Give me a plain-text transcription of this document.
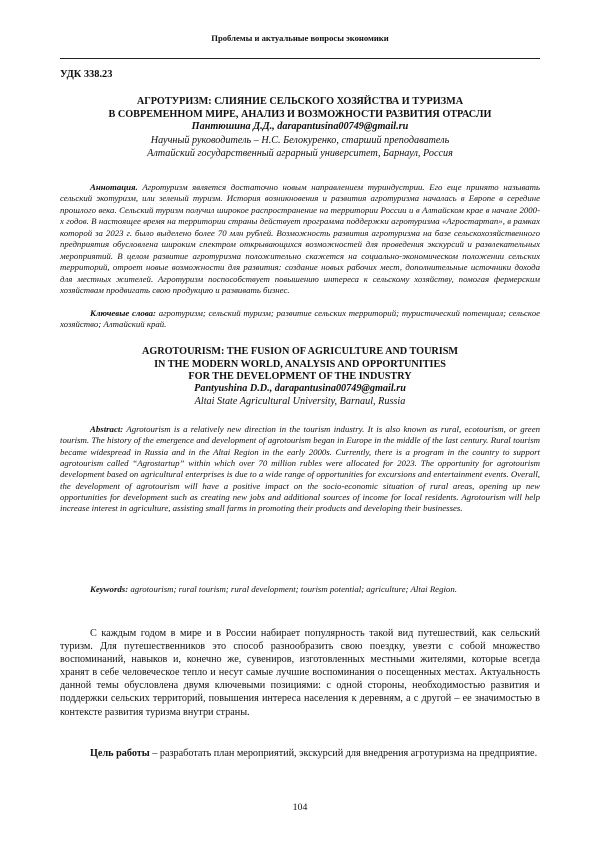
Проблемы и актуальные вопросы экономики
УДК 338.23
АГРОТУРИЗМ: СЛИЯНИЕ СЕЛЬСКОГО ХОЗЯЙСТВА И ТУРИЗМА
В СОВРЕМЕННОМ МИРЕ, АНАЛИЗ И ВОЗМОЖНОСТИ РАЗВИТИЯ ОТРАСЛИ
Пантюшина Д.Д., darapantusina00749@gmail.ru
Научный руководитель – Н.С. Белокуренко, старший преподаватель
Алтайский государственный аграрный университет, Барнаул, Россия
Аннотация. Агротуризм является достаточно новым направлением туриндустрии. Его еще принято называть сельский экотуризм, или зеленый туризм. История возникновения и развития агротуризма началась в Европе в середине прошлого века. Сельский туризм получил широкое распространение на территории России и в Алтайском крае в начале 2000-х годов. В настоящее время на территории страны действует программа поддержки агротуризма «Агростартап», в рамках которой за 2023 г. было выделено более 70 млн рублей. Возможность развития агротуризма на базе сельскохозяйственного предприятия обусловлена широким спектром открывающихся возможностей для проведения экскурсий и развлекательных мероприятий. В целом развитие агротуризма положительно скажется на социально-экономическом положении сельских территорий, отроет новые возможности для развития: создание новых рабочих мест, дополнительные источники дохода для местных жителей. Агротуризм поспособствует повышению интереса к сельскому хозяйству, помогая фермерским хозяйствам продвигать свою продукцию и развивать бизнес.
Ключевые слова: агротуризм; сельский туризм; развитие сельских территорий; туристический потенциал; сельское хозяйство; Алтайский край.
AGROTOURISM: THE FUSION OF AGRICULTURE AND TOURISM
IN THE MODERN WORLD, ANALYSIS AND OPPORTUNITIES
FOR THE DEVELOPMENT OF THE INDUSTRY
Pantyushina D.D., darapantusina00749@gmail.ru
Altai State Agricultural University, Barnaul, Russia
Abstract: Agrotourism is a relatively new direction in the tourism industry. It is also known as rural, ecotourism, or green tourism. The history of the emergence and development of agrotourism began in Europe in the middle of the last century. Rural tourism became widespread in Russia and in the Altai Region in the early 2000s. Currently, there is a program in the country to support agrotourism called “Agrostartup” within which over 70 million rubles were allocated for 2023. The opportunity for agrotourism development based on agricultural enterprises is due to a wide range of opportunities for excursions and entertainment events. Overall, the development of agrotourism will have a positive impact on the socio-economic situation of rural areas, opening up new opportunities for development such as creating new jobs and additional sources of income for local residents. Agrotourism will help increase interest in agriculture, assisting small farms in promoting their products and developing their businesses.
Keywords: agrotourism; rural tourism; rural development; tourism potential; agriculture; Altai Region.
С каждым годом в мире и в России набирает популярность такой вид путешествий, как сельский туризм. Для путешественников это способ разнообразить свою поездку, увезти с собой множество воспоминаний, навыков и, конечно же, сувениров, изготовленных местными жителями, которые всегда хранят в себе человеческое тепло и несут самые лучшие воспоминания о посещенных местах. Актуальность данной темы обусловлена двумя ключевыми позициями: с одной стороны, необходимостью развития и поддержки сельских территорий, повышения интереса населения к деревням, а с другой – ее значимостью в контексте развития туризма внутри страны.
Цель работы – разработать план мероприятий, экскурсий для внедрения агротуризма на предприятие.
104
